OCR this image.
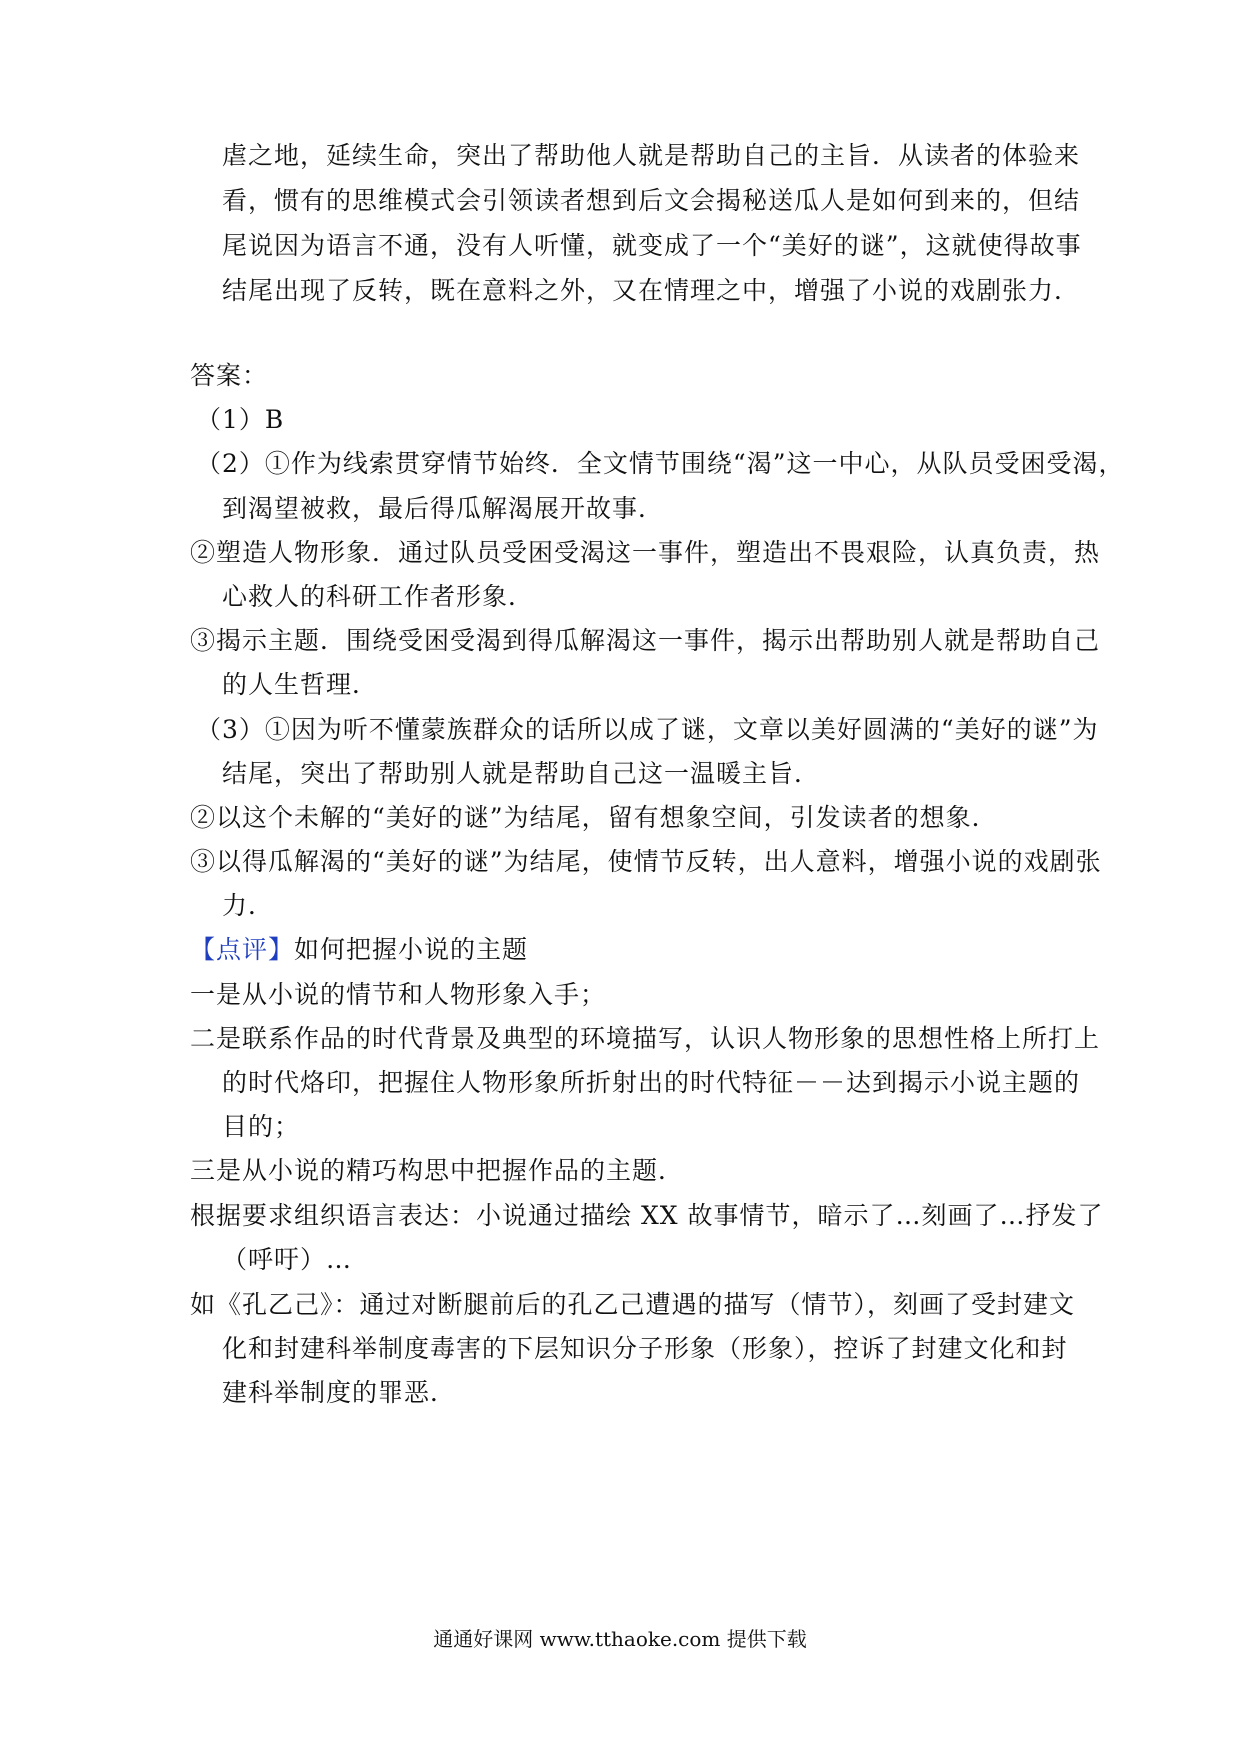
虐之地，延续生命，突出了帮助他人就是帮助自己的主旨．从读者的体验来
看，惯有的思维模式会引领读者想到后文会揭秘送瓜人是如何到来的，但结
尾说因为语言不通，没有人听懂，就变成了一个“美好的谜”，这就使得故事
结尾出现了反转，既在意料之外，又在情理之中，增强了小说的戏剧张力．
答案：
（1）B
（2）①作为线索贯穿情节始终．全文情节围绕“渴”这一中心，从队员受困受渴，
到渴望被救，最后得瓜解渴展开故事．
②塑造人物形象．通过队员受困受渴这一事件，塑造出不畏艰险，认真负责，热
心救人的科研工作者形象．
③揭示主题．围绕受困受渴到得瓜解渴这一事件，揭示出帮助别人就是帮助自己
的人生哲理．
（3）①因为听不懂蒙族群众的话所以成了谜，文章以美好圆满的“美好的谜”为
结尾，突出了帮助别人就是帮助自己这一温暖主旨．
②以这个未解的“美好的谜”为结尾，留有想象空间，引发读者的想象．
③以得瓜解渴的“美好的谜”为结尾，使情节反转，出人意料，增强小说的戏剧张
力．
【点评】如何把握小说的主题
一是从小说的情节和人物形象入手；
二是联系作品的时代背景及典型的环境描写，认识人物形象的思想性格上所打上
的时代烙印，把握住人物形象所折射出的时代特征－－达到揭示小说主题的
目的；
三是从小说的精巧构思中把握作品的主题．
根据要求组织语言表达：小说通过描绘 XX 故事情节，暗示了…刻画了…抒发了
（呼吁）…
如《孔乙己》：通过对断腿前后的孔乙己遭遇的描写（情节），刻画了受封建文
化和封建科举制度毒害的下层知识分子形象（形象），控诉了封建文化和封
建科举制度的罪恶．
通通好课网 www.tthaoke.com 提供下载
